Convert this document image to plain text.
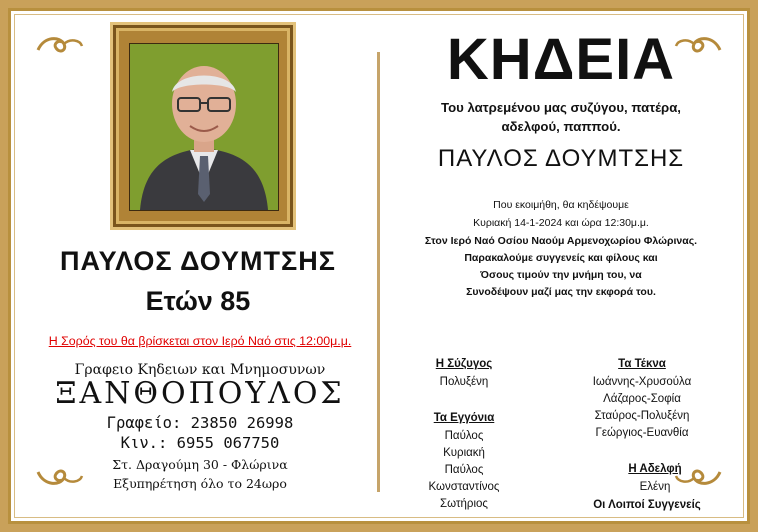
ΠΑΥΛΟΣ ΔΟΥΜΤΣΗΣ
Ετών 85
Η Σορός του θα βρίσκεται στον Ιερό Ναό στις 12:00μ.μ.
Γραφειο Κηδειων και Μνημοσυνων
ΞΑΝΘΟΠΟΥΛΟΣ
Γραφείο: 23850 26998
Κιν.: 6955 067750
Στ. Δραγούμη 30 - Φλώρινα
Εξυπηρέτηση όλο το 24ωρο
ΚΗΔΕΙΑ
Του λατρεμένου μας συζύγου, πατέρα,
αδελφού, παππού.
ΠΑΥΛΟΣ ΔΟΥΜΤΣΗΣ
Που εκοιμήθη, θα κηδέψουμε
Κυριακή 14-1-2024 και ώρα 12:30μ.μ.
Στον Ιερό Ναό Οσίου Ναούμ Αρμενοχωρίου Φλώρινας.
Παρακαλούμε συγγενείς και φίλους και
Όσους τιμούν την μνήμη του, να
Συνοδέψουν μαζί μας την εκφορά του.
Η Σύζυγος
Πολυξένη
Τα Εγγόνια
Παύλος
Κυριακή
Παύλος
Κωνσταντίνος
Σωτήριος
Τα Τέκνα
Ιωάννης-Χρυσούλα
Λάζαρος-Σοφία
Σταύρος-Πολυξένη
Γεώργιος-Ευανθία
Η Αδελφή
Ελένη
Οι Λοιποί Συγγενείς
